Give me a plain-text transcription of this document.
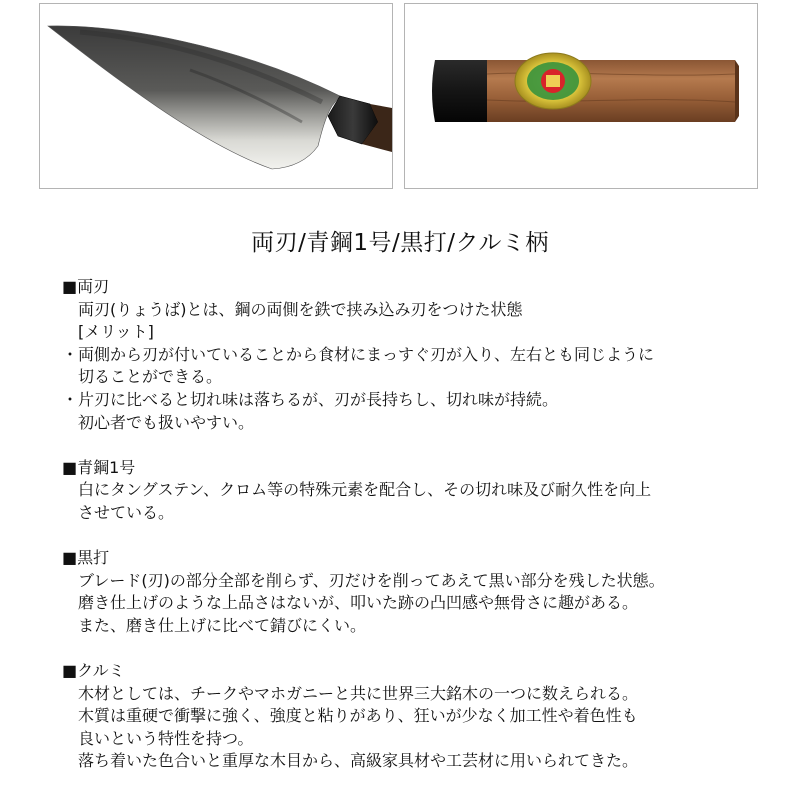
両刃/青鋼1号/黒打/クルミ柄
■両刃
両刃(りょうば)とは、鋼の両側を鉄で挟み込み刃をつけた状態
[メリット]
・両側から刃が付いていることから食材にまっすぐ刃が入り、左右とも同じように
切ることができる。
・片刃に比べると切れ味は落ちるが、刃が長持ちし、切れ味が持続。
初心者でも扱いやすい。
■青鋼1号
白にタングステン、クロム等の特殊元素を配合し、その切れ味及び耐久性を向上
させている。
■黒打
ブレード(刃)の部分全部を削らず、刃だけを削ってあえて黒い部分を残した状態。
磨き仕上げのような上品さはないが、叩いた跡の凸凹感や無骨さに趣がある。
また、磨き仕上げに比べて錆びにくい。
■クルミ
木材としては、チークやマホガニーと共に世界三大銘木の一つに数えられる。
木質は重硬で衝撃に強く、強度と粘りがあり、狂いが少なく加工性や着色性も
良いという特性を持つ。
落ち着いた色合いと重厚な木目から、高級家具材や工芸材に用いられてきた。
